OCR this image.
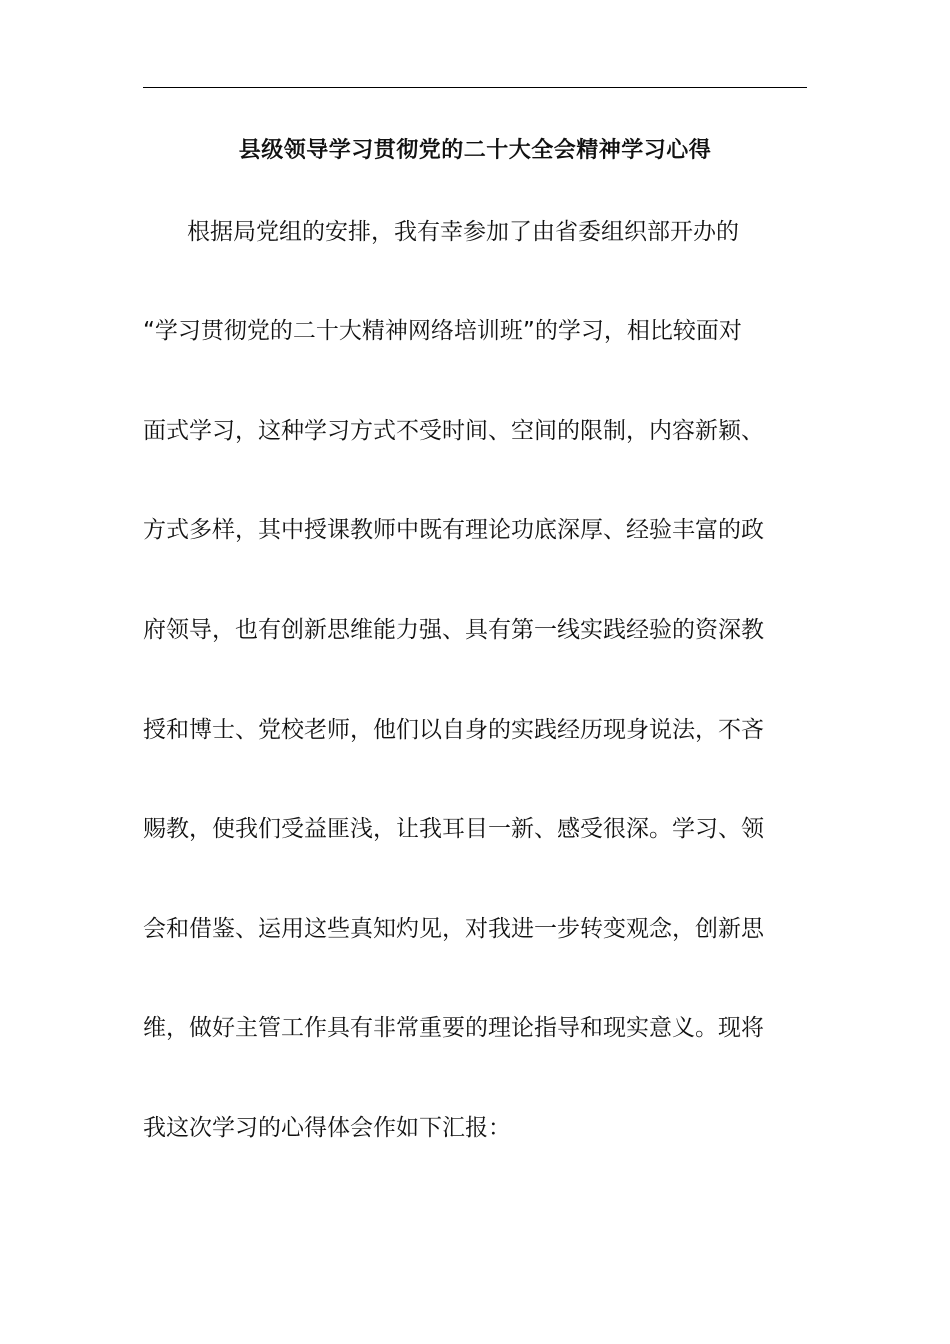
县级领导学习贯彻党的二十大全会精神学习心得
根据局党组的安排，我有幸参加了由省委组织部开办的
“学习贯彻党的二十大精神网络培训班”的学习，相比较面对
面式学习，这种学习方式不受时间、空间的限制，内容新颖、
方式多样，其中授课教师中既有理论功底深厚、经验丰富的政
府领导，也有创新思维能力强、具有第一线实践经验的资深教
授和博士、党校老师，他们以自身的实践经历现身说法，不吝
赐教，使我们受益匪浅，让我耳目一新、感受很深。学习、领
会和借鉴、运用这些真知灼见，对我进一步转变观念，创新思
维，做好主管工作具有非常重要的理论指导和现实意义。现将
我这次学习的心得体会作如下汇报：
